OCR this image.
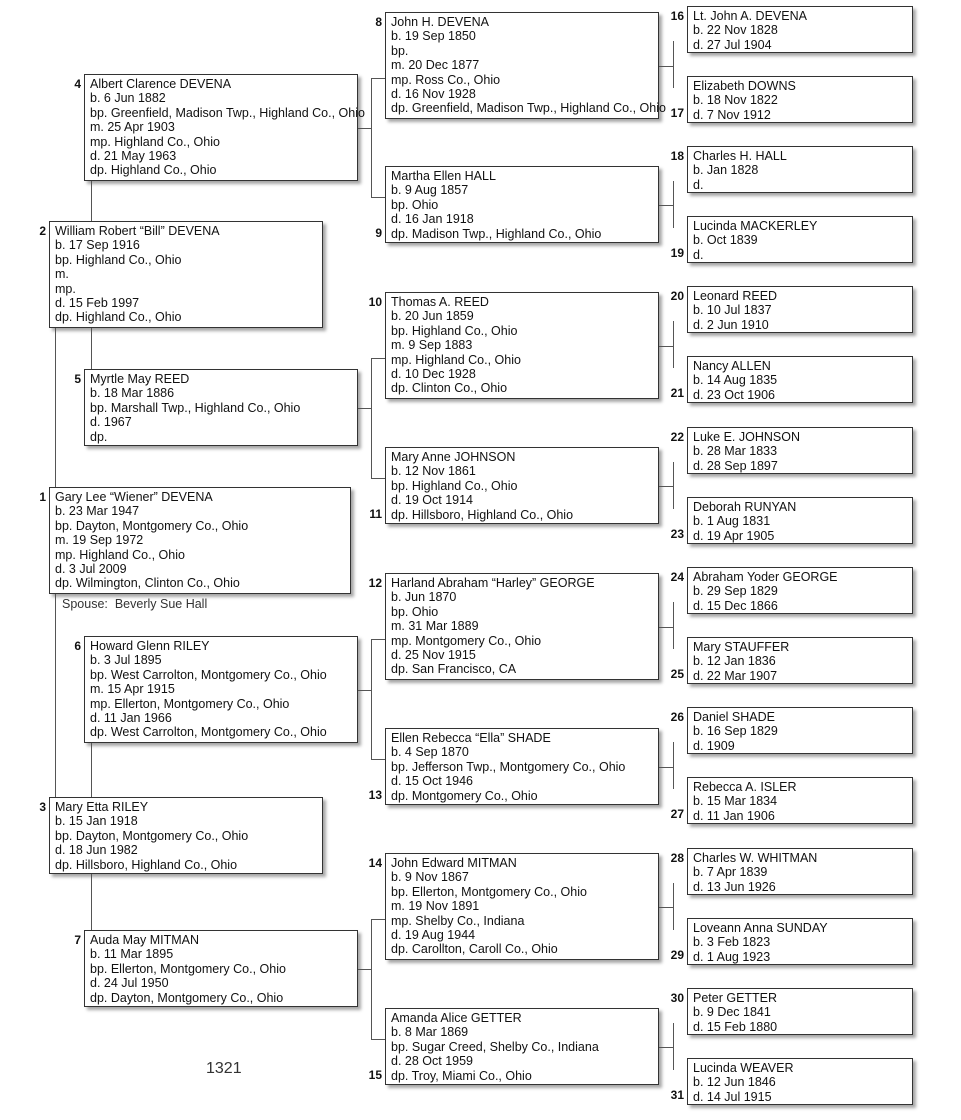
Gary Lee “Wiener” DEVENA
b. 23 Mar 1947
bp. Dayton, Montgomery Co., Ohio
m. 19 Sep 1972
mp. Highland Co., Ohio
d. 3 Jul 2009
dp. Wilmington, Clinton Co., Ohio
1
William Robert “Bill” DEVENA
b. 17 Sep 1916
bp. Highland Co., Ohio
m.
mp.
d. 15 Feb 1997
dp. Highland Co., Ohio
2
Mary Etta RILEY
b. 15 Jan 1918
bp. Dayton, Montgomery Co., Ohio
d. 18 Jun 1982
dp. Hillsboro, Highland Co., Ohio
3
Albert Clarence DEVENA
b. 6 Jun 1882
bp. Greenfield, Madison Twp., Highland Co., Ohio
m. 25 Apr 1903
mp. Highland Co., Ohio
d. 21 May 1963
dp. Highland Co., Ohio
4
Myrtle May REED
b. 18 Mar 1886
bp. Marshall Twp., Highland Co., Ohio
d. 1967
dp.
5
Howard Glenn RILEY
b. 3 Jul 1895
bp. West Carrolton, Montgomery Co., Ohio
m. 15 Apr 1915
mp. Ellerton, Montgomery Co., Ohio
d. 11 Jan 1966
dp. West Carrolton, Montgomery Co., Ohio
6
Auda May MITMAN
b. 11 Mar 1895
bp. Ellerton, Montgomery Co., Ohio
d. 24 Jul 1950
dp. Dayton, Montgomery Co., Ohio
7
John H. DEVENA
b. 19 Sep 1850
bp.
m. 20 Dec 1877
mp. Ross Co., Ohio
d. 16 Nov 1928
dp. Greenfield, Madison Twp., Highland Co., Ohio
8
Martha Ellen HALL
b. 9 Aug 1857
bp. Ohio
d. 16 Jan 1918
dp. Madison Twp., Highland Co., Ohio
9
Thomas A. REED
b. 20 Jun 1859
bp. Highland Co., Ohio
m. 9 Sep 1883
mp. Highland Co., Ohio
d. 10 Dec 1928
dp. Clinton Co., Ohio
10
Mary Anne JOHNSON
b. 12 Nov 1861
bp. Highland Co., Ohio
d. 19 Oct 1914
dp. Hillsboro, Highland Co., Ohio
11
Harland Abraham “Harley” GEORGE
b. Jun 1870
bp. Ohio
m. 31 Mar 1889
mp. Montgomery Co., Ohio
d. 25 Nov 1915
dp. San Francisco, CA
12
Ellen Rebecca “Ella” SHADE
b. 4 Sep 1870
bp. Jefferson Twp., Montgomery Co., Ohio
d. 15 Oct 1946
dp. Montgomery Co., Ohio
13
John Edward MITMAN
b. 9 Nov 1867
bp. Ellerton, Montgomery Co., Ohio
m. 19 Nov 1891
mp. Shelby Co., Indiana
d. 19 Aug 1944
dp. Carollton, Caroll Co., Ohio
14
Amanda Alice GETTER
b. 8 Mar 1869
bp. Sugar Creed, Shelby Co., Indiana
d. 28 Oct 1959
dp. Troy, Miami Co., Ohio
15
Lt. John A. DEVENA
b. 22 Nov 1828
d. 27 Jul 1904
16
Elizabeth DOWNS
b. 18 Nov 1822
d. 7 Nov 1912
17
Charles H. HALL
b. Jan 1828
d.
18
Lucinda MACKERLEY
b. Oct 1839
d.
19
Leonard REED
b. 10 Jul 1837
d. 2 Jun 1910
20
Nancy ALLEN
b. 14 Aug 1835
d. 23 Oct 1906
21
Luke E. JOHNSON
b. 28 Mar 1833
d. 28 Sep 1897
22
Deborah RUNYAN
b. 1 Aug 1831
d. 19 Apr 1905
23
Abraham Yoder GEORGE
b. 29 Sep 1829
d. 15 Dec 1866
24
Mary STAUFFER
b. 12 Jan 1836
d. 22 Mar 1907
25
Daniel SHADE
b. 16 Sep 1829
d. 1909
26
Rebecca A. ISLER
b. 15 Mar 1834
d. 11 Jan 1906
27
Charles W. WHITMAN
b. 7 Apr 1839
d. 13 Jun 1926
28
Loveann Anna SUNDAY
b. 3 Feb 1823
d. 1 Aug 1923
29
Peter GETTER
b. 9 Dec 1841
d. 15 Feb 1880
30
Lucinda WEAVER
b. 12 Jun 1846
d. 14 Jul 1915
31
Spouse: Beverly Sue Hall
1321
